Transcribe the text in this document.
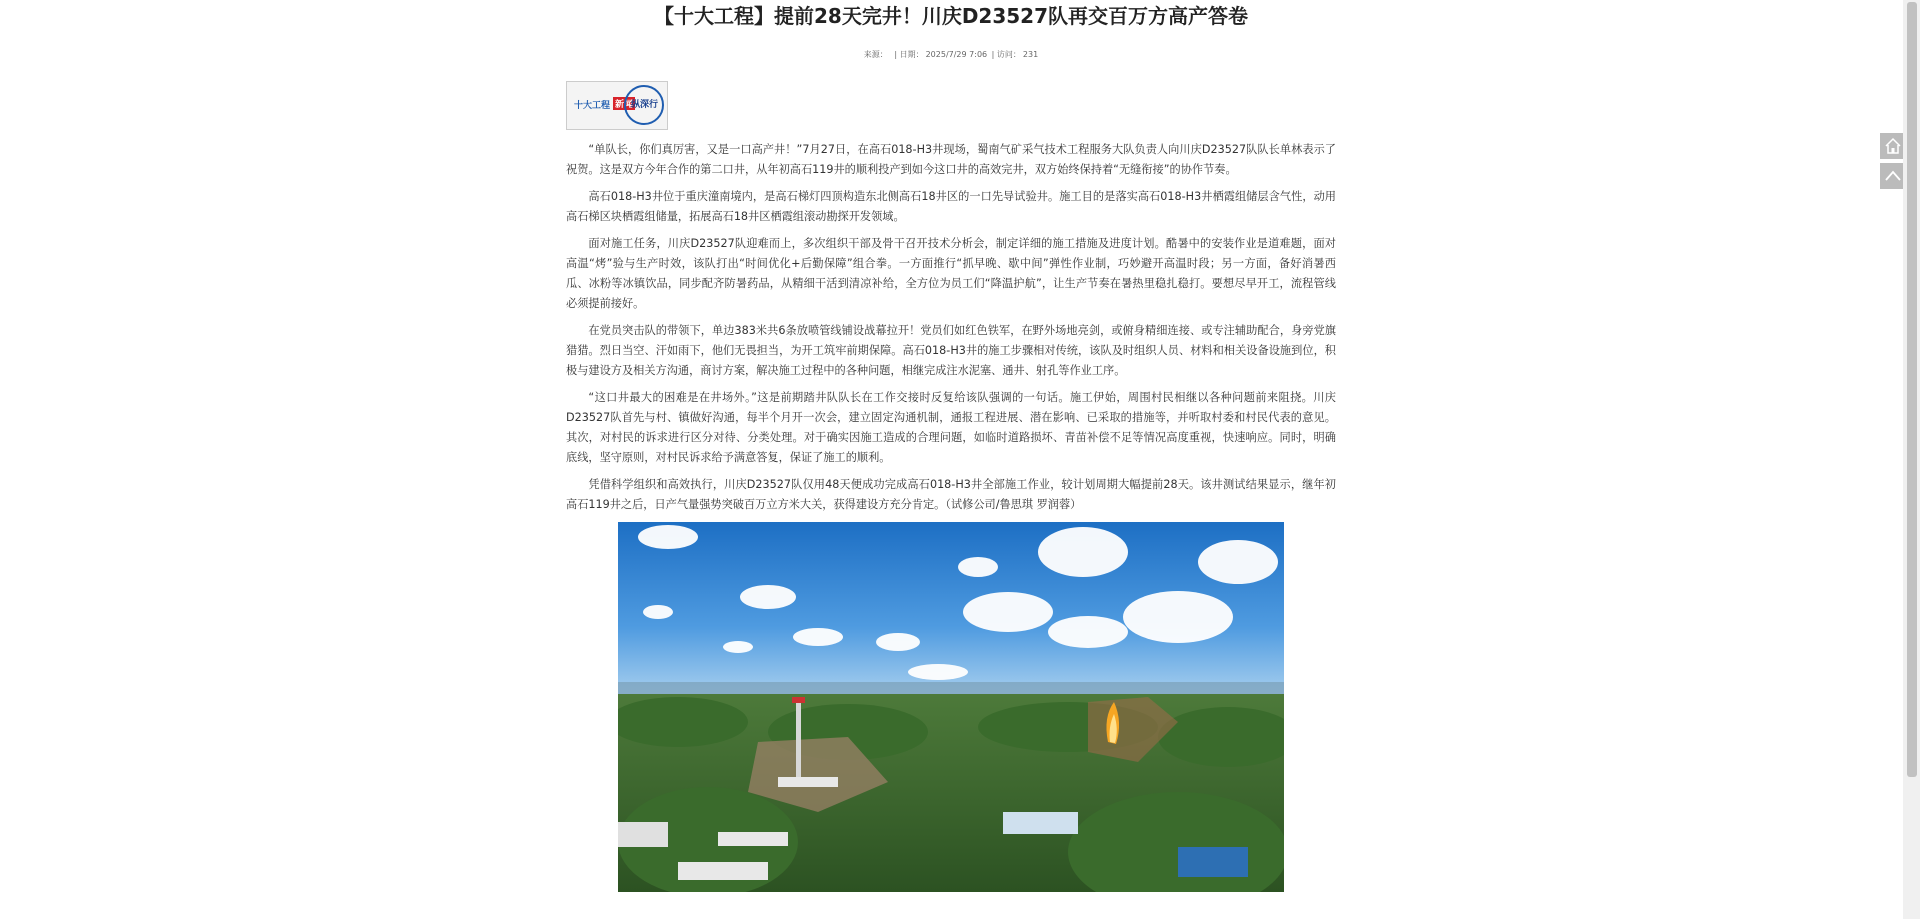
【十大工程】提前28天完井！川庆D23527队再交百万方高产答卷
来源： | 日期： 2025/7/29 7:06 | 访问： 231
十大工程 新闻
纵深行

“单队长，你们真厉害，又是一口高产井！”7月27日，在高石018-H3井现场，蜀南气矿采气技术工程服务大队负责人向川庆D23527队队长单林表示了祝贺。这是双方今年合作的第二口井，从年初高石119井的顺利投产到如今这口井的高效完井，双方始终保持着“无缝衔接”的协作节奏。

高石018-H3井位于重庆潼南境内，是高石梯灯四顶构造东北侧高石18井区的一口先导试验井。施工目的是落实高石018-H3井栖霞组储层含气性，动用高石梯区块栖霞组储量，拓展高石18井区栖霞组滚动勘探开发领域。

面对施工任务，川庆D23527队迎难而上，多次组织干部及骨干召开技术分析会，制定详细的施工措施及进度计划。酷暑中的安装作业是道难题，面对高温“烤”验与生产时效，该队打出“时间优化+后勤保障”组合拳。一方面推行“抓早晚、歇中间”弹性作业制，巧妙避开高温时段；另一方面，备好消暑西瓜、冰粉等冰镇饮品，同步配齐防暑药品，从精细干活到清凉补给，全方位为员工们“降温护航”，让生产节奏在暑热里稳扎稳打。要想尽早开工，流程管线必须提前接好。

在党员突击队的带领下，单边383米共6条放喷管线铺设战幕拉开！党员们如红色铁军，在野外场地亮剑，或俯身精细连接、或专注辅助配合，身旁党旗猎猎。烈日当空、汗如雨下，他们无畏担当，为开工筑牢前期保障。高石018-H3井的施工步骤相对传统，该队及时组织人员、材料和相关设备设施到位，积极与建设方及相关方沟通，商讨方案，解决施工过程中的各种问题，相继完成注水泥塞、通井、射孔等作业工序。

“这口井最大的困难是在井场外。”这是前期踏井队队长在工作交接时反复给该队强调的一句话。施工伊始，周围村民相继以各种问题前来阻挠。川庆D23527队首先与村、镇做好沟通，每半个月开一次会，建立固定沟通机制，通报工程进展、潜在影响、已采取的措施等，并听取村委和村民代表的意见。其次，对村民的诉求进行区分对待、分类处理。对于确实因施工造成的合理问题，如临时道路损坏、青苗补偿不足等情况高度重视，快速响应。同时，明确底线，坚守原则，对村民诉求给予满意答复，保证了施工的顺利。

凭借科学组织和高效执行，川庆D23527队仅用48天便成功完成高石018-H3井全部施工作业，较计划周期大幅提前28天。该井测试结果显示，继年初高石119井之后，日产气量强势突破百万立方米大关，获得建设方充分肯定。（试修公司/鲁思琪 罗润蓉）
